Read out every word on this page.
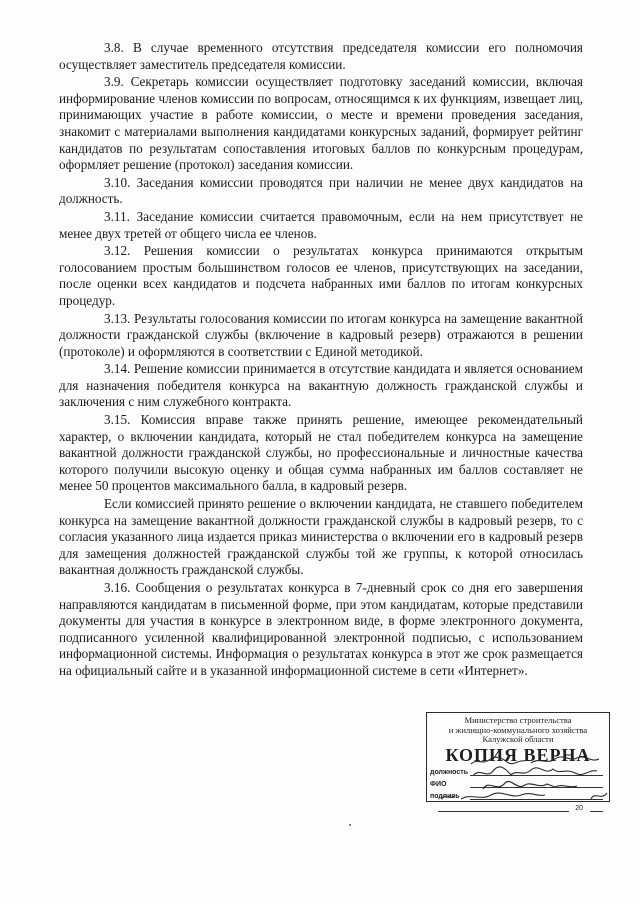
3.8. В случае временного отсутствия председателя комиссии его полномочия осуществляет заместитель председателя комиссии.

3.9. Секретарь комиссии осуществляет подготовку заседаний комиссии, включая информирование членов комиссии по вопросам, относящимся к их функциям, извещает лиц, принимающих участие в работе комиссии, о месте и времени проведения заседания, знакомит с материалами выполнения кандидатами конкурсных заданий, формирует рейтинг кандидатов по результатам сопоставления итоговых баллов по конкурсным процедурам, оформляет решение (протокол) заседания комиссии.

3.10. Заседания комиссии проводятся при наличии не менее двух кандидатов на должность.

3.11. Заседание комиссии считается правомочным, если на нем присутствует не менее двух третей от общего числа ее членов.

3.12. Решения комиссии о результатах конкурса принимаются открытым голосованием простым большинством голосов ее членов, присутствующих на заседании, после оценки всех кандидатов и подсчета набранных ими баллов по итогам конкурсных процедур.

3.13. Результаты голосования комиссии по итогам конкурса на замещение вакантной должности гражданской службы (включение в кадровый резерв) отражаются в решении (протоколе) и оформляются в соответствии с Единой методикой.

3.14. Решение комиссии принимается в отсутствие кандидата и является основанием для назначения победителя конкурса на вакантную должность гражданской службы и заключения с ним служебного контракта.

3.15. Комиссия вправе также принять решение, имеющее рекомендательный характер, о включении кандидата, который не стал победителем конкурса на замещение вакантной должности гражданской службы, но профессиональные и личностные качества которого получили высокую оценку и общая сумма набранных им баллов составляет не менее 50 процентов максимального балла, в кадровый резерв.

Если комиссией принято решение о включении кандидата, не ставшего победителем конкурса на замещение вакантной должности гражданской службы в кадровый резерв, то с согласия указанного лица издается приказ министерства о включении его в кадровый резерв для замещения должностей гражданской службы той же группы, к которой относилась вакантная должность гражданской службы.

3.16. Сообщения о результатах конкурса в 7-дневный срок со дня его завершения направляются кандидатам в письменной форме, при этом кандидатам, которые представили документы для участия в конкурсе в электронном виде, в форме электронного документа, подписанного усиленной квалифицированной электронной подписью, с использованием информационной системы. Информация о результатах конкурса в этот же срок размещается на официальный сайте и в указанной информационной системе в сети «Интернет».

Министерство строительства
и жилищно-коммунального хозяйства
Калужской области
КОПИЯ ВЕРНА
должность
ФИО
подпись
20
